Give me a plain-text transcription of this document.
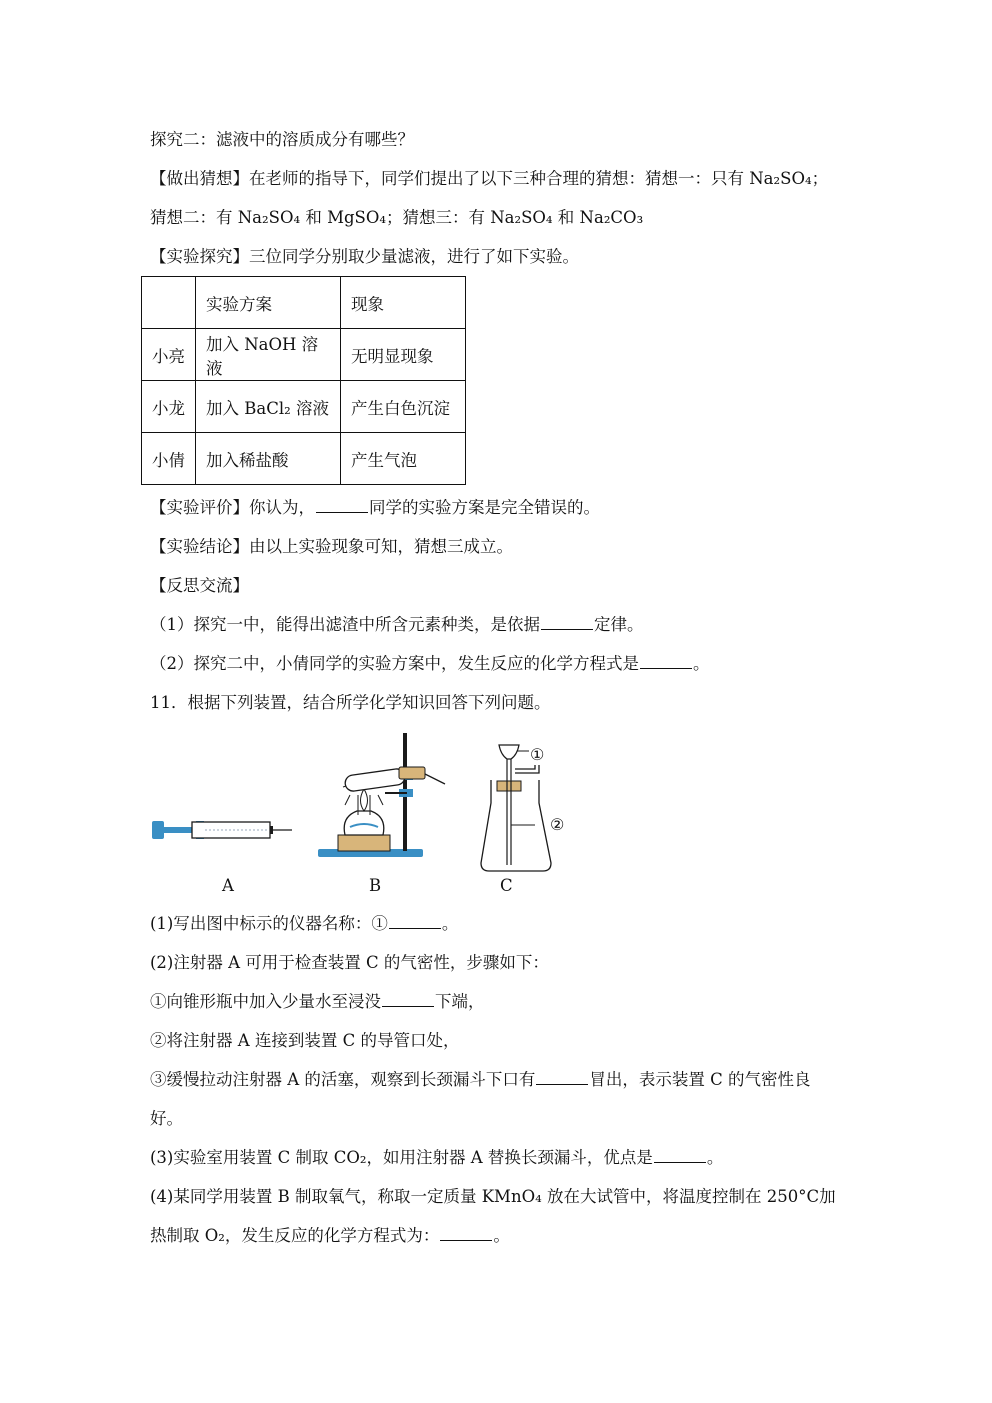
探究二：滤液中的溶质成分有哪些？
【做出猜想】在老师的指导下，同学们提出了以下三种合理的猜想：猜想一：只有 Na₂SO₄；
猜想二：有 Na₂SO₄ 和 MgSO₄；猜想三：有 Na₂SO₄ 和 Na₂CO₃
【实验探究】三位同学分别取少量滤液，进行了如下实验。
	实验方案	现象
小亮	加入 NaOH 溶液	无明显现象
小龙	加入 BaCl₂ 溶液	产生白色沉淀
小倩	加入稀盐酸	产生气泡
【实验评价】你认为，	同学的实验方案是完全错误的。
【实验结论】由以上实验现象可知，猜想三成立。
【反思交流】
（1）探究一中，能得出滤渣中所含元素种类，是依据	定律。
（2）探究二中，小倩同学的实验方案中，发生反应的化学方程式是	。
11．根据下列装置，结合所学化学知识回答下列问题。
①
②
A	B	C
(1)写出图中标示的仪器名称：①	。
(2)注射器 A 可用于检查装置 C 的气密性，步骤如下：
①向锥形瓶中加入少量水至浸没	下端，
②将注射器 A 连接到装置 C 的导管口处，
③缓慢拉动注射器 A 的活塞，观察到长颈漏斗下口有	冒出，表示装置 C 的气密性良
好。
(3)实验室用装置 C 制取 CO₂，如用注射器 A 替换长颈漏斗，优点是	。
(4)某同学用装置 B 制取氧气，称取一定质量 KMnO₄ 放在大试管中，将温度控制在 250°C加
热制取 O₂，发生反应的化学方程式为：	。
